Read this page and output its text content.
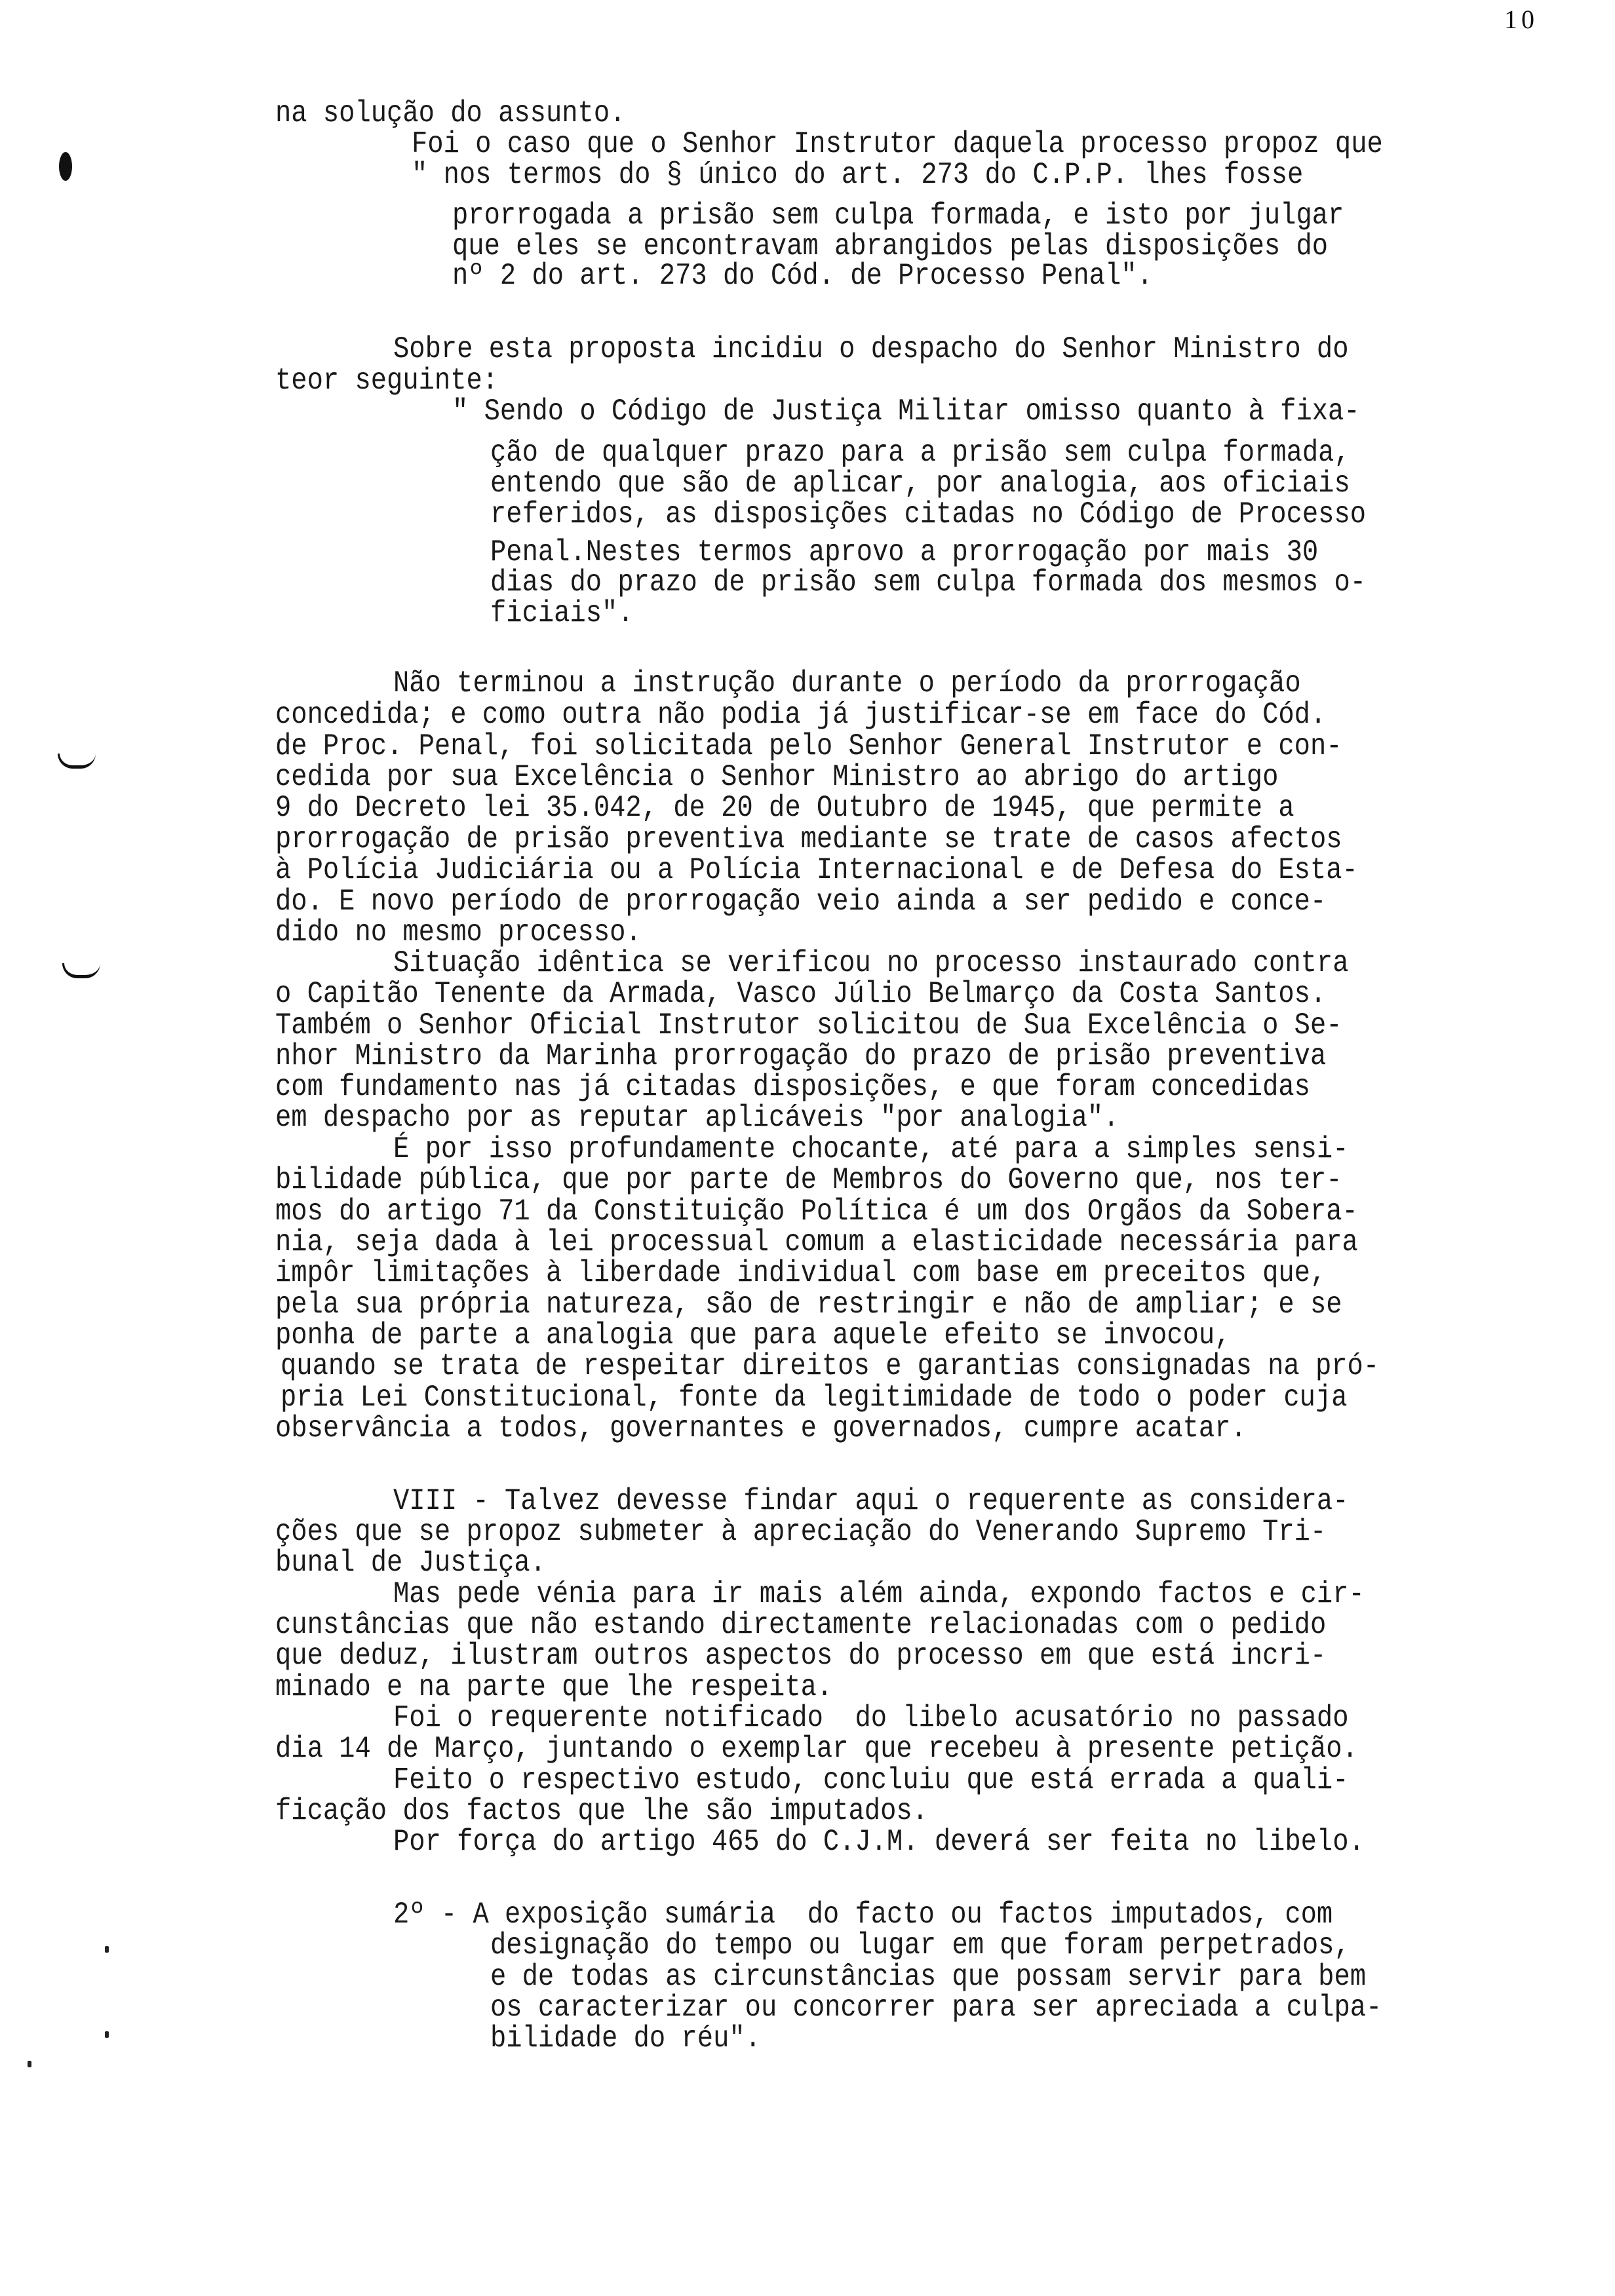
10
na solução do assunto.
Foi o caso que o Senhor Instrutor daquela processo propoz que
" nos termos do § único do art. 273 do C.P.P. lhes fosse
prorrogada a prisão sem culpa formada, e isto por julgar
que eles se encontravam abrangidos pelas disposições do
nº 2 do art. 273 do Cód. de Processo Penal".
Sobre esta proposta incidiu o despacho do Senhor Ministro do
teor seguinte:
" Sendo o Código de Justiça Militar omisso quanto à fixa-
ção de qualquer prazo para a prisão sem culpa formada,
entendo que são de aplicar, por analogia, aos oficiais
referidos, as disposições citadas no Código de Processo
Penal.Nestes termos aprovo a prorrogação por mais 30
dias do prazo de prisão sem culpa formada dos mesmos o-
ficiais".
Não terminou a instrução durante o período da prorrogação
concedida; e como outra não podia já justificar-se em face do Cód.
de Proc. Penal, foi solicitada pelo Senhor General Instrutor e con-
cedida por sua Excelência o Senhor Ministro ao abrigo do artigo
9 do Decreto lei 35.042, de 20 de Outubro de 1945, que permite a
prorrogação de prisão preventiva mediante se trate de casos afectos
à Polícia Judiciária ou a Polícia Internacional e de Defesa do Esta-
do. E novo período de prorrogação veio ainda a ser pedido e conce-
dido no mesmo processo.
Situação idêntica se verificou no processo instaurado contra
o Capitão Tenente da Armada, Vasco Júlio Belmarço da Costa Santos.
Também o Senhor Oficial Instrutor solicitou de Sua Excelência o Se-
nhor Ministro da Marinha prorrogação do prazo de prisão preventiva
com fundamento nas já citadas disposições, e que foram concedidas
em despacho por as reputar aplicáveis "por analogia".
É por isso profundamente chocante, até para a simples sensi-
bilidade pública, que por parte de Membros do Governo que, nos ter-
mos do artigo 71 da Constituição Política é um dos Orgãos da Sobera-
nia, seja dada à lei processual comum a elasticidade necessária para
impôr limitações à liberdade individual com base em preceitos que,
pela sua própria natureza, são de restringir e não de ampliar; e se
ponha de parte a analogia que para aquele efeito se invocou,
quando se trata de respeitar direitos e garantias consignadas na pró-
pria Lei Constitucional, fonte da legitimidade de todo o poder cuja
observância a todos, governantes e governados, cumpre acatar.
VIII - Talvez devesse findar aqui o requerente as considera-
ções que se propoz submeter à apreciação do Venerando Supremo Tri-
bunal de Justiça.
Mas pede vénia para ir mais além ainda, expondo factos e cir-
cunstâncias que não estando directamente relacionadas com o pedido
que deduz, ilustram outros aspectos do processo em que está incri-
minado e na parte que lhe respeita.
Foi o requerente notificado  do libelo acusatório no passado
dia 14 de Março, juntando o exemplar que recebeu à presente petição.
Feito o respectivo estudo, concluiu que está errada a quali-
ficação dos factos que lhe são imputados.
Por força do artigo 465 do C.J.M. deverá ser feita no libelo.
2º - A exposição sumária  do facto ou factos imputados, com
designação do tempo ou lugar em que foram perpetrados,
e de todas as circunstâncias que possam servir para bem
os caracterizar ou concorrer para ser apreciada a culpa-
bilidade do réu".
